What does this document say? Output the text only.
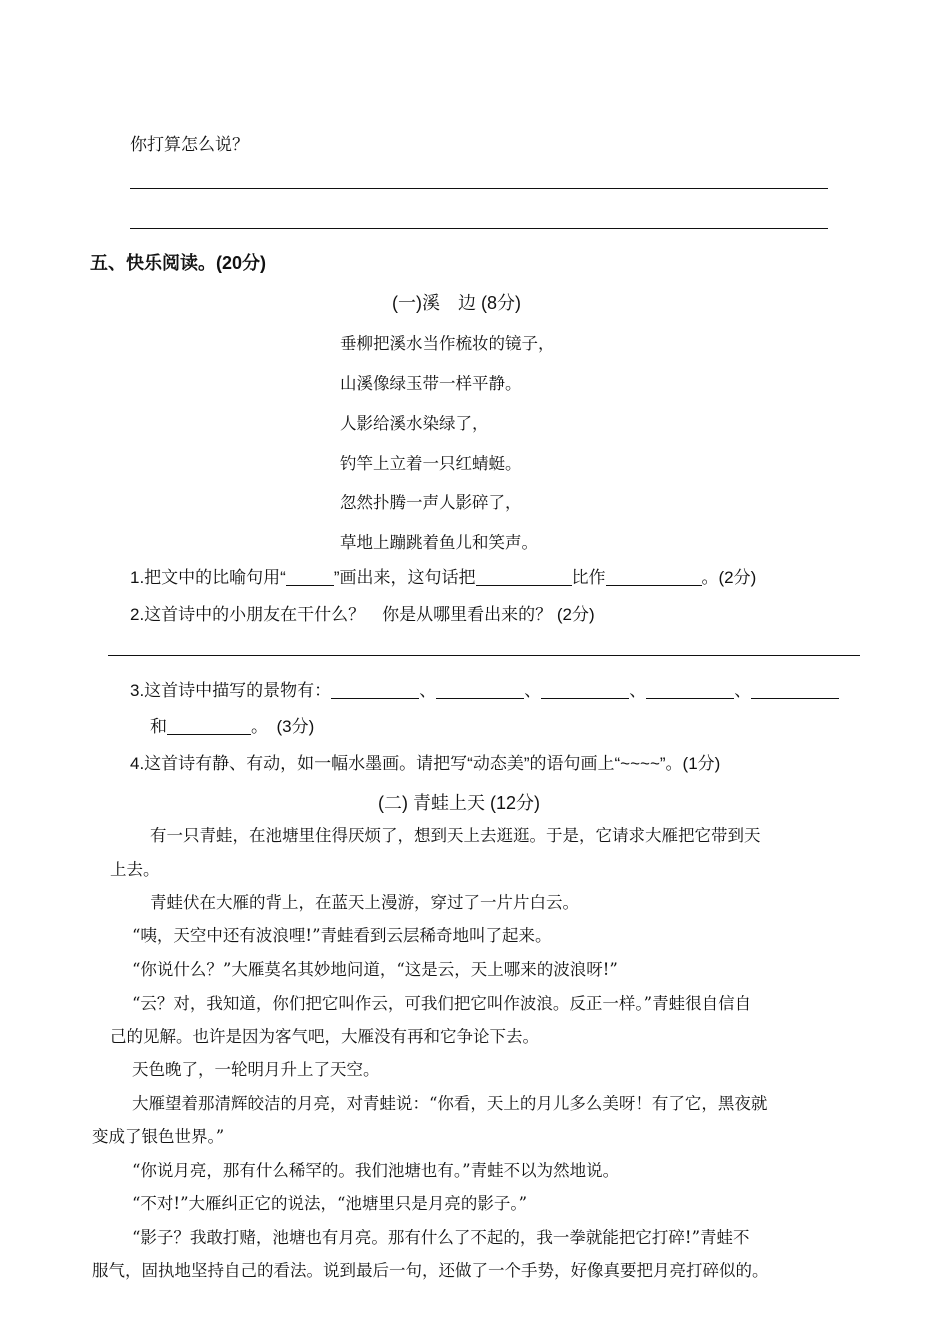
你打算怎么说？
五、快乐阅读。(20分)
(一)溪　边 (8分)
垂柳把溪水当作梳妆的镜子，
山溪像绿玉带一样平静。
人影给溪水染绿了，
钓竿上立着一只红蜻蜓。
忽然扑腾一声人影碎了，
草地上蹦跳着鱼儿和笑声。
1.把文中的比喻句用“	”画出来，这句话把	比作	。(2分)
2.这首诗中的小朋友在干什么？　你是从哪里看出来的？ (2分)
3.这首诗中描写的景物有：	、	、	、	、
和	。　(3分)
4.这首诗有静、有动，如一幅水墨画。请把写“动态美”的语句画上“~~~~”。(1分)
(二) 青蛙上天 (12分)
有一只青蛙，在池塘里住得厌烦了，想到天上去逛逛。于是，它请求大雁把它带到天
上去。
青蛙伏在大雁的背上，在蓝天上漫游，穿过了一片片白云。
“咦，天空中还有波浪哩!”青蛙看到云层稀奇地叫了起来。
“你说什么？”大雁莫名其妙地问道，“这是云，天上哪来的波浪呀!”
“云？对，我知道，你们把它叫作云，可我们把它叫作波浪。反正一样。”青蛙很自信自
己的见解。也许是因为客气吧，大雁没有再和它争论下去。
天色晚了，一轮明月升上了天空。
大雁望着那清辉皎洁的月亮，对青蛙说：“你看，天上的月儿多么美呀！有了它，黑夜就
变成了银色世界。”
“你说月亮，那有什么稀罕的。我们池塘也有。”青蛙不以为然地说。
“不对!”大雁纠正它的说法，“池塘里只是月亮的影子。”
“影子？我敢打赌，池塘也有月亮。那有什么了不起的，我一拳就能把它打碎!”青蛙不
服气，固执地坚持自己的看法。说到最后一句，还做了一个手势，好像真要把月亮打碎似的。
